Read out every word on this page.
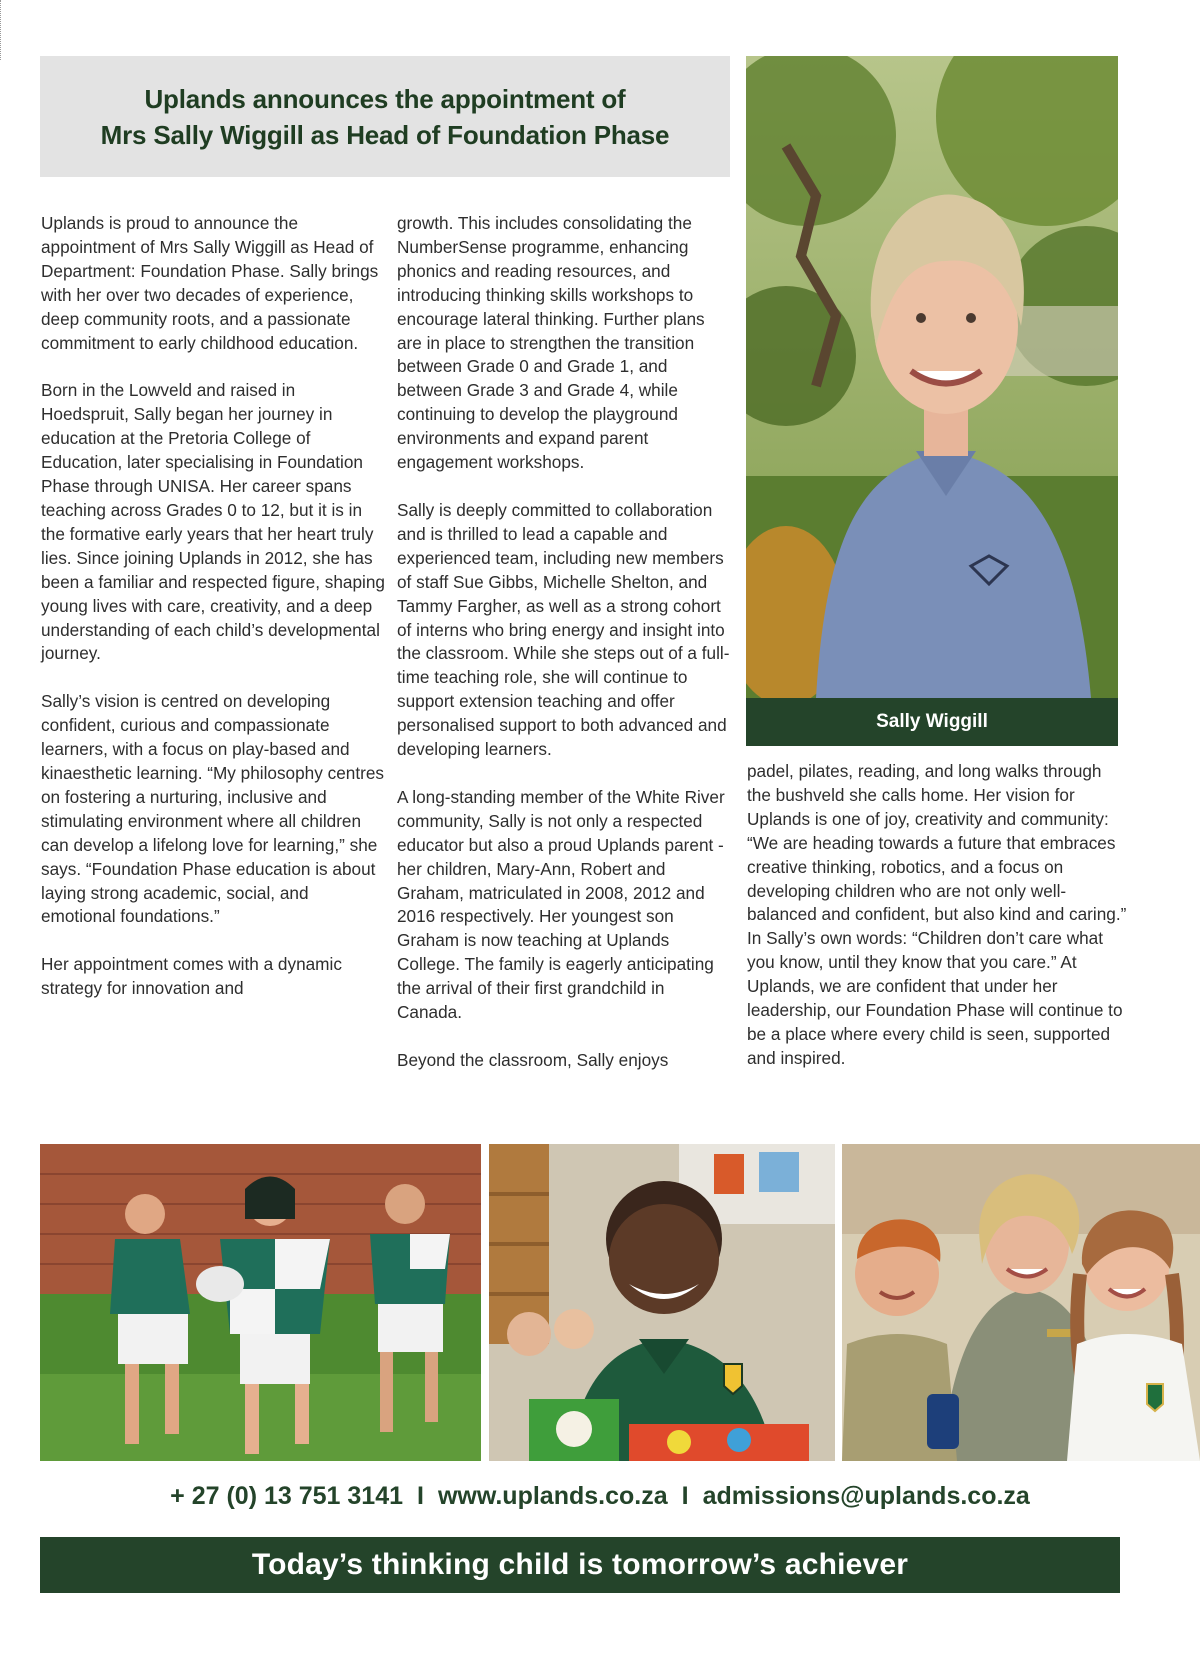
Uplands announces the appointment of
Mrs Sally Wiggill as Head of Foundation Phase

Uplands is proud to announce the appointment of Mrs Sally Wiggill as Head of Department: Foundation Phase. Sally brings with her over two decades of experience, deep community roots, and a passionate commitment to early childhood education.

Born in the Lowveld and raised in Hoedspruit, Sally began her journey in education at the Pretoria College of Education, later specialising in Foundation Phase through UNISA. Her career spans teaching across Grades 0 to 12, but it is in the formative early years that her heart truly lies. Since joining Uplands in 2012, she has been a familiar and respected figure, shaping young lives with care, creativity, and a deep understanding of each child’s developmental journey.

Sally’s vision is centred on developing confident, curious and compassionate learners, with a focus on play-based and kinaesthetic learning. “My philosophy centres on fostering a nurturing, inclusive and stimulating environment where all children can develop a lifelong love for learning,” she says. “Foundation Phase education is about laying strong academic, social, and emotional foundations.”

Her appointment comes with a dynamic strategy for innovation and

growth. This includes consolidating the NumberSense programme, enhancing phonics and reading resources, and introducing thinking skills workshops to encourage lateral thinking. Further plans are in place to strengthen the transition between Grade 0 and Grade 1, and between Grade 3 and Grade 4, while continuing to develop the playground environments and expand parent engagement workshops.

Sally is deeply committed to collaboration and is thrilled to lead a capable and experienced team, including new members of staff Sue Gibbs, Michelle Shelton, and Tammy Fargher, as well as a strong cohort of interns who bring energy and insight into the classroom. While she steps out of a full-time teaching role, she will continue to support extension teaching and offer personalised support to both advanced and developing learners.

A long-standing member of the White River community, Sally is not only a respected educator but also a proud Uplands parent - her children, Mary-Ann, Robert and Graham, matriculated in 2008, 2012 and 2016 respectively. Her youngest son Graham is now teaching at Uplands College. The family is eagerly anticipating the arrival of their first grandchild in Canada.

Beyond the classroom, Sally enjoys

Sally Wiggill

padel, pilates, reading, and long walks through the bushveld she calls home. Her vision for Uplands is one of joy, creativity and community: “We are heading towards a future that embraces creative thinking, robotics, and a focus on developing children who are not only well-balanced and confident, but also kind and caring.”

In Sally’s own words: “Children don’t care what you know, until they know that you care.” At Uplands, we are confident that under her leadership, our Foundation Phase will continue to be a place where every child is seen, supported and inspired.

+ 27 (0) 13 751 3141 I www.uplands.co.za I admissions@uplands.co.za
Today’s thinking child is tomorrow’s achiever
